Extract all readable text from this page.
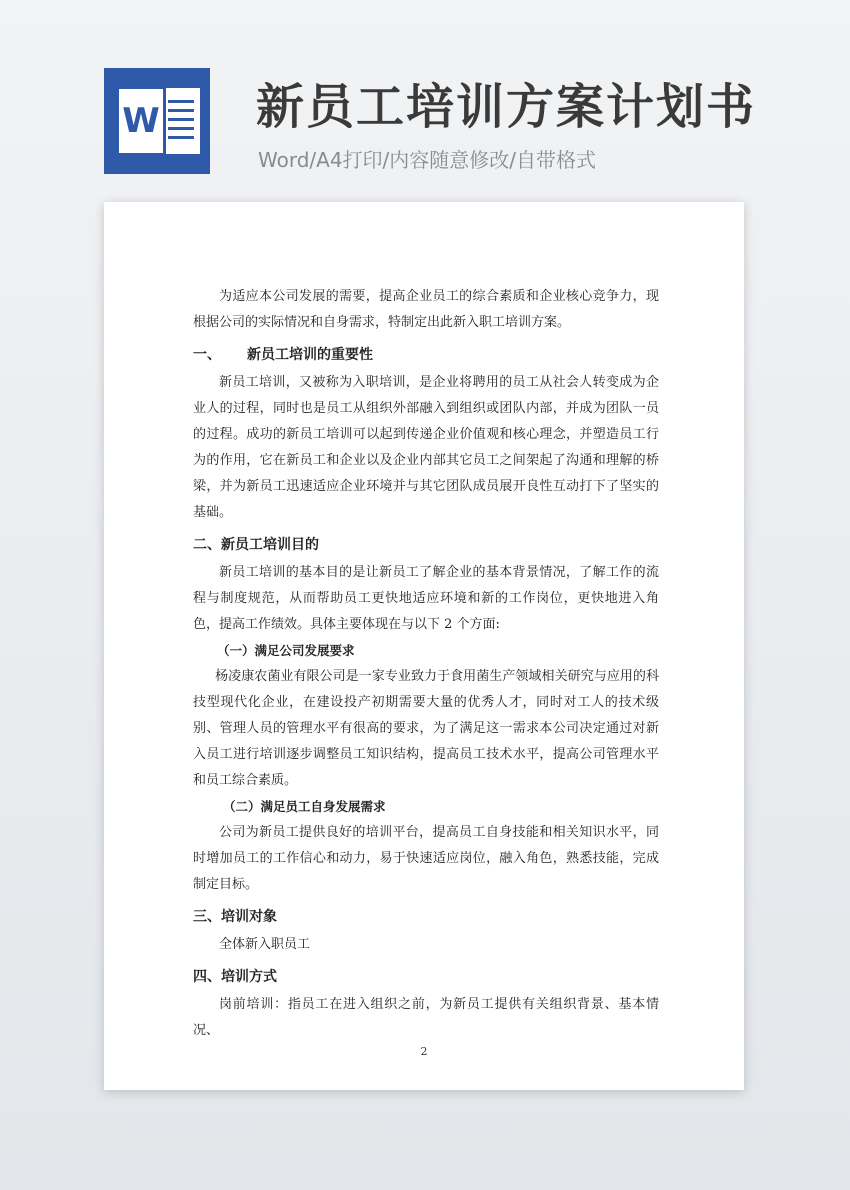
W 新员工培训方案计划书
Word/A4打印/内容随意修改/自带格式

为适应本公司发展的需要，提高企业员工的综合素质和企业核心竞争力，现根据公司的实际情况和自身需求，特制定出此新入职工培训方案。

一、 新员工培训的重要性

新员工培训，又被称为入职培训，是企业将聘用的员工从社会人转变成为企业人的过程，同时也是员工从组织外部融入到组织或团队内部，并成为团队一员的过程。成功的新员工培训可以起到传递企业价值观和核心理念，并塑造员工行为的作用，它在新员工和企业以及企业内部其它员工之间架起了沟通和理解的桥梁，并为新员工迅速适应企业环境并与其它团队成员展开良性互动打下了坚实的基础。

二、新员工培训目的

新员工培训的基本目的是让新员工了解企业的基本背景情况，了解工作的流程与制度规范，从而帮助员工更快地适应环境和新的工作岗位，更快地进入角色，提高工作绩效。具体主要体现在与以下 2 个方面:

（一）满足公司发展要求

杨凌康农菌业有限公司是一家专业致力于食用菌生产领域相关研究与应用的科技型现代化企业，在建设投产初期需要大量的优秀人才，同时对工人的技术级别、管理人员的管理水平有很高的要求，为了满足这一需求本公司决定通过对新入员工进行培训逐步调整员工知识结构，提高员工技术水平，提高公司管理水平和员工综合素质。

（二）满足员工自身发展需求

公司为新员工提供良好的培训平台，提高员工自身技能和相关知识水平，同时增加员工的工作信心和动力，易于快速适应岗位，融入角色，熟悉技能，完成制定目标。

三、培训对象

全体新入职员工

四、培训方式

岗前培训：指员工在进入组织之前，为新员工提供有关组织背景、基本情况、

2
